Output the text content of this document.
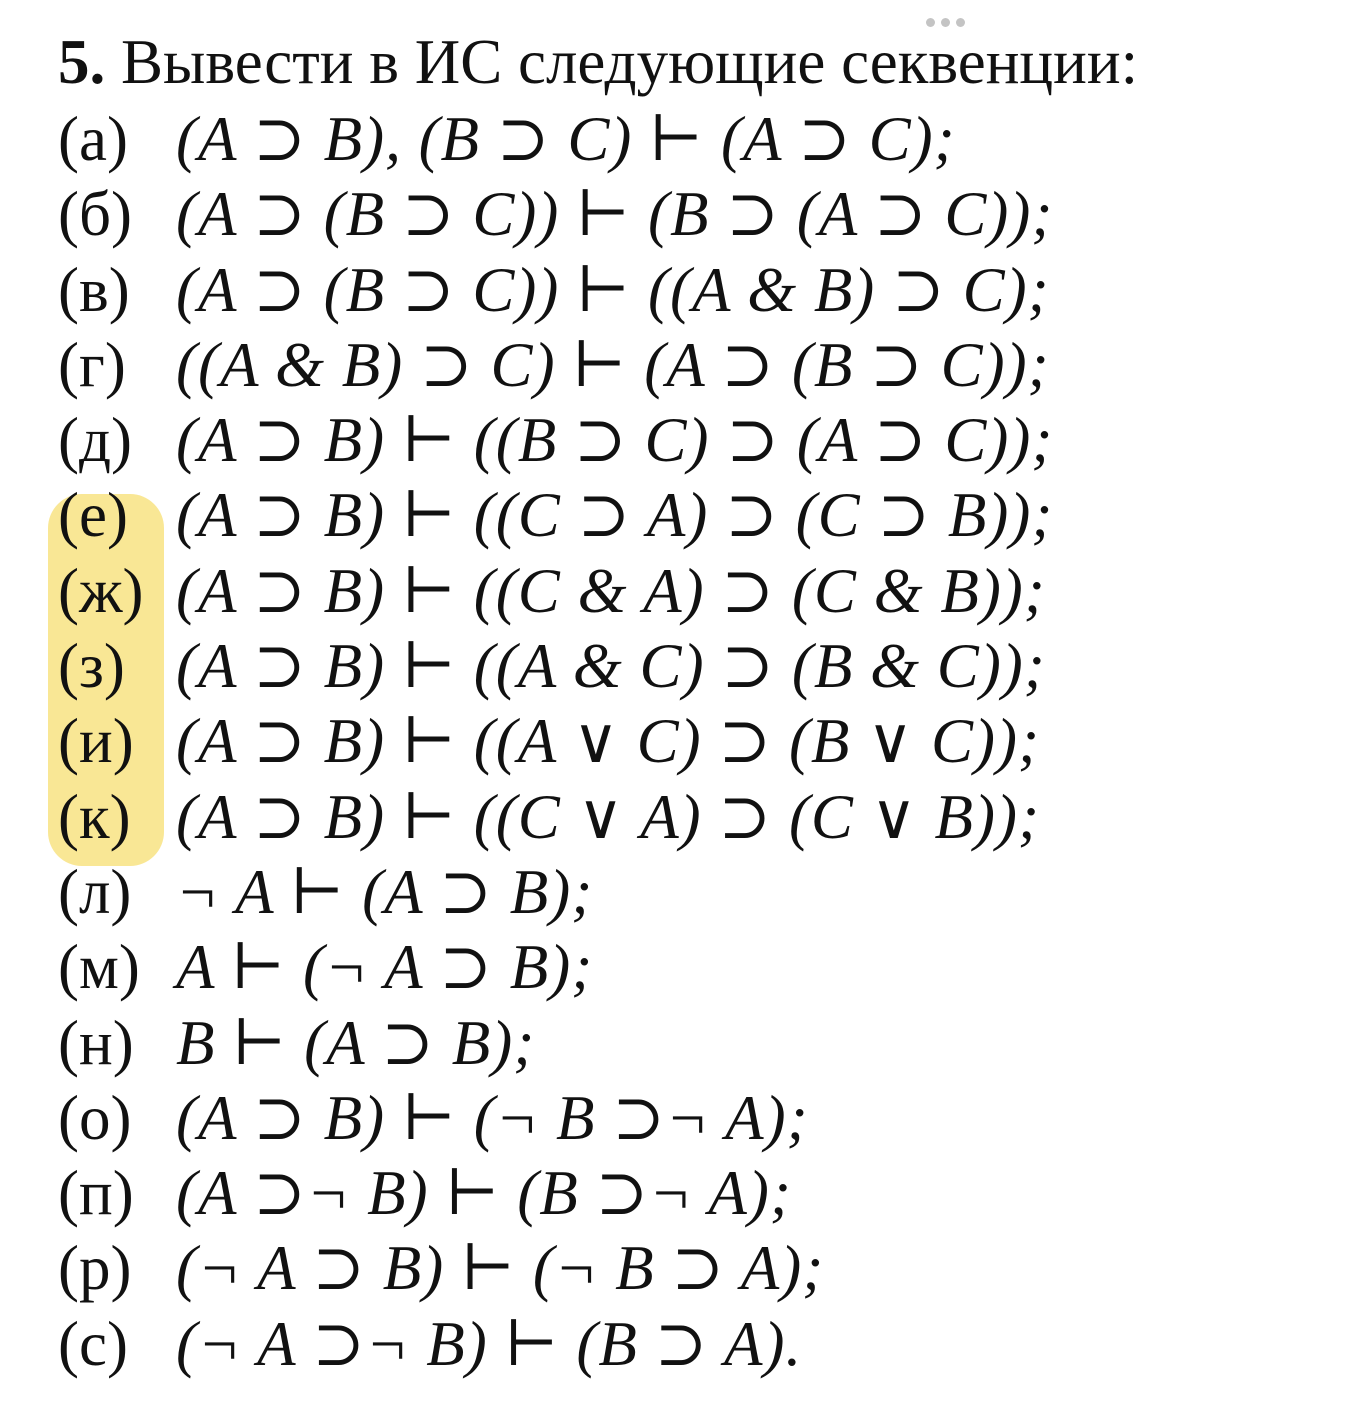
5. Вывести в ИС следующие секвенции:
(а) (A ⊃ B), (B ⊃ C) ⊢ (A ⊃ C);
(б) (A ⊃ (B ⊃ C)) ⊢ (B ⊃ (A ⊃ C));
(в) (A ⊃ (B ⊃ C)) ⊢ ((A & B) ⊃ C);
(г) ((A & B) ⊃ C) ⊢ (A ⊃ (B ⊃ C));
(д) (A ⊃ B) ⊢ ((B ⊃ C) ⊃ (A ⊃ C));
(е) (A ⊃ B) ⊢ ((C ⊃ A) ⊃ (C ⊃ B));
(ж) (A ⊃ B) ⊢ ((C & A) ⊃ (C & B));
(з) (A ⊃ B) ⊢ ((A & C) ⊃ (B & C));
(и) (A ⊃ B) ⊢ ((A ∨ C) ⊃ (B ∨ C));
(к) (A ⊃ B) ⊢ ((C ∨ A) ⊃ (C ∨ B));
(л) ¬ A ⊢ (A ⊃ B);
(м) A ⊢ (¬ A ⊃ B);
(н) B ⊢ (A ⊃ B);
(о) (A ⊃ B) ⊢ (¬ B ⊃¬ A);
(п) (A ⊃¬ B) ⊢ (B ⊃¬ A);
(р) (¬ A ⊃ B) ⊢ (¬ B ⊃ A);
(с) (¬ A ⊃¬ B) ⊢ (B ⊃ A).
